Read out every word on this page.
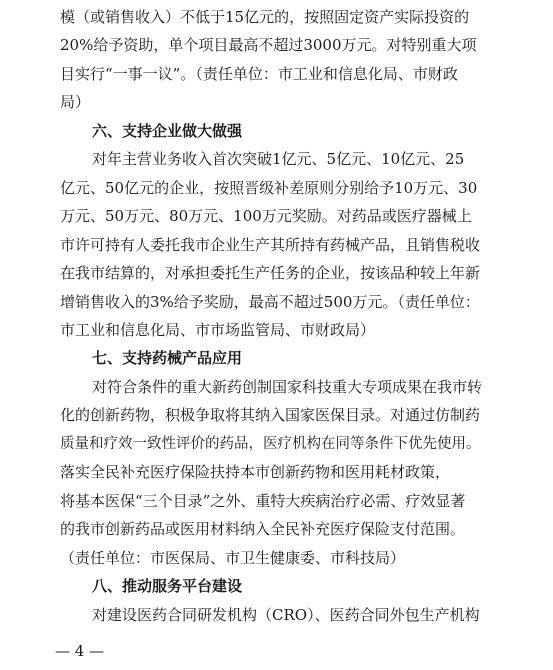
模（或销售收入）不低于15亿元的，按照固定资产实际投资的
20%给予资助，单个项目最高不超过3000万元。对特别重大项
目实行“一事一议”。（责任单位：市工业和信息化局、市财政
局）
六、支持企业做大做强
对年主营业务收入首次突破1亿元、5亿元、10亿元、25
亿元、50亿元的企业，按照晋级补差原则分别给予10万元、30
万元、50万元、80万元、100万元奖励。对药品或医疗器械上
市许可持有人委托我市企业生产其所持有药械产品，且销售税收
在我市结算的，对承担委托生产任务的企业，按该品种较上年新
增销售收入的3%给予奖励，最高不超过500万元。（责任单位：
市工业和信息化局、市市场监管局、市财政局）
七、支持药械产品应用
对符合条件的重大新药创制国家科技重大专项成果在我市转
化的创新药物，积极争取将其纳入国家医保目录。对通过仿制药
质量和疗效一致性评价的药品，医疗机构在同等条件下优先使用。
落实全民补充医疗保险扶持本市创新药物和医用耗材政策，
将基本医保“三个目录”之外、重特大疾病治疗必需、疗效显著
的我市创新药品或医用材料纳入全民补充医疗保险支付范围。
（责任单位：市医保局、市卫生健康委、市科技局）
八、推动服务平台建设
对建设医药合同研发机构（CRO）、医药合同外包生产机构
— 4 —
